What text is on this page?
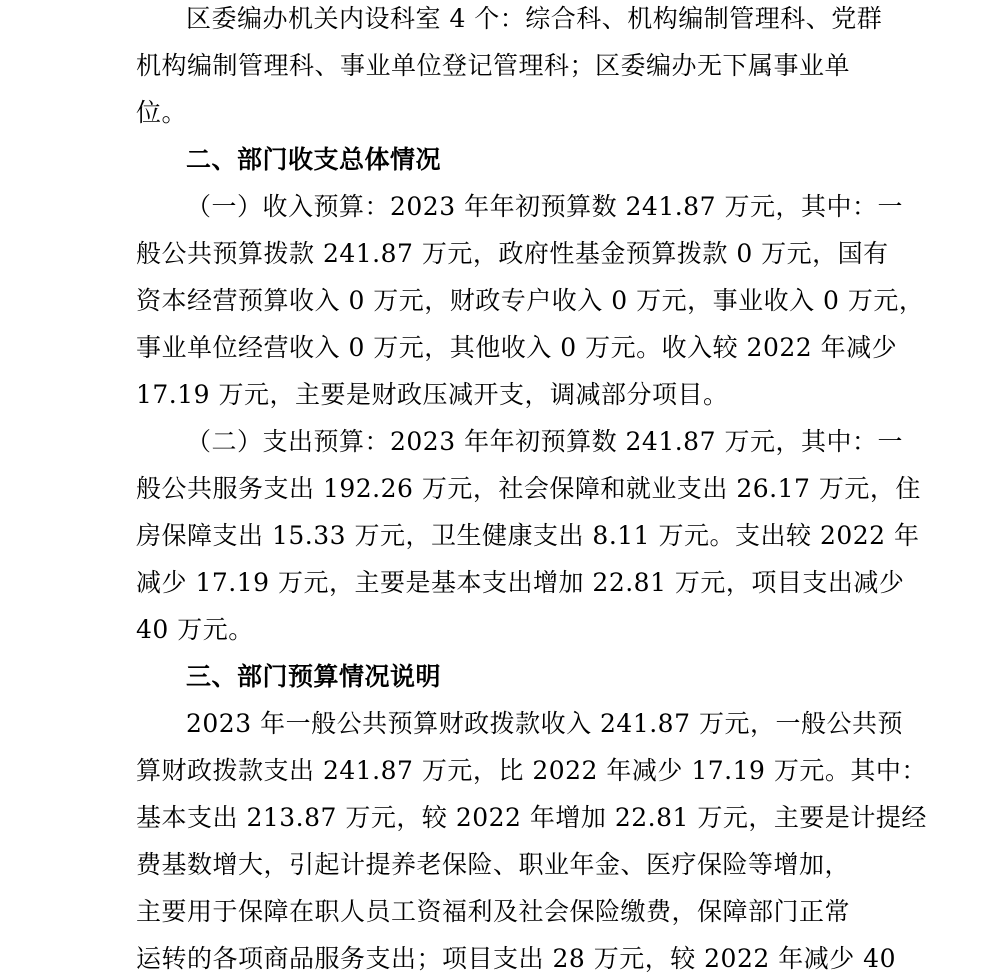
区委编办机关内设科室 4 个：综合科、机构编制管理科、党群
机构编制管理科、事业单位登记管理科；区委编办无下属事业单
位。
二、部门收支总体情况
（一）收入预算：2023 年年初预算数 241.87 万元，其中：一
般公共预算拨款 241.87 万元，政府性基金预算拨款 0 万元，国有
资本经营预算收入 0 万元，财政专户收入 0 万元，事业收入 0 万元，
事业单位经营收入 0 万元，其他收入 0 万元。收入较 2022 年减少
17.19 万元，主要是财政压减开支，调减部分项目。
（二）支出预算：2023 年年初预算数 241.87 万元，其中：一
般公共服务支出 192.26 万元，社会保障和就业支出 26.17 万元，住
房保障支出 15.33 万元，卫生健康支出 8.11 万元。支出较 2022 年
减少 17.19 万元，主要是基本支出增加 22.81 万元，项目支出减少
40 万元。
三、部门预算情况说明
2023 年一般公共预算财政拨款收入 241.87 万元，一般公共预
算财政拨款支出 241.87 万元，比 2022 年减少 17.19 万元。其中：
基本支出 213.87 万元，较 2022 年增加 22.81 万元，主要是计提经
费基数增大，引起计提养老保险、职业年金、医疗保险等增加，
主要用于保障在职人员工资福利及社会保险缴费，保障部门正常
运转的各项商品服务支出；项目支出 28 万元，较 2022 年减少 40
